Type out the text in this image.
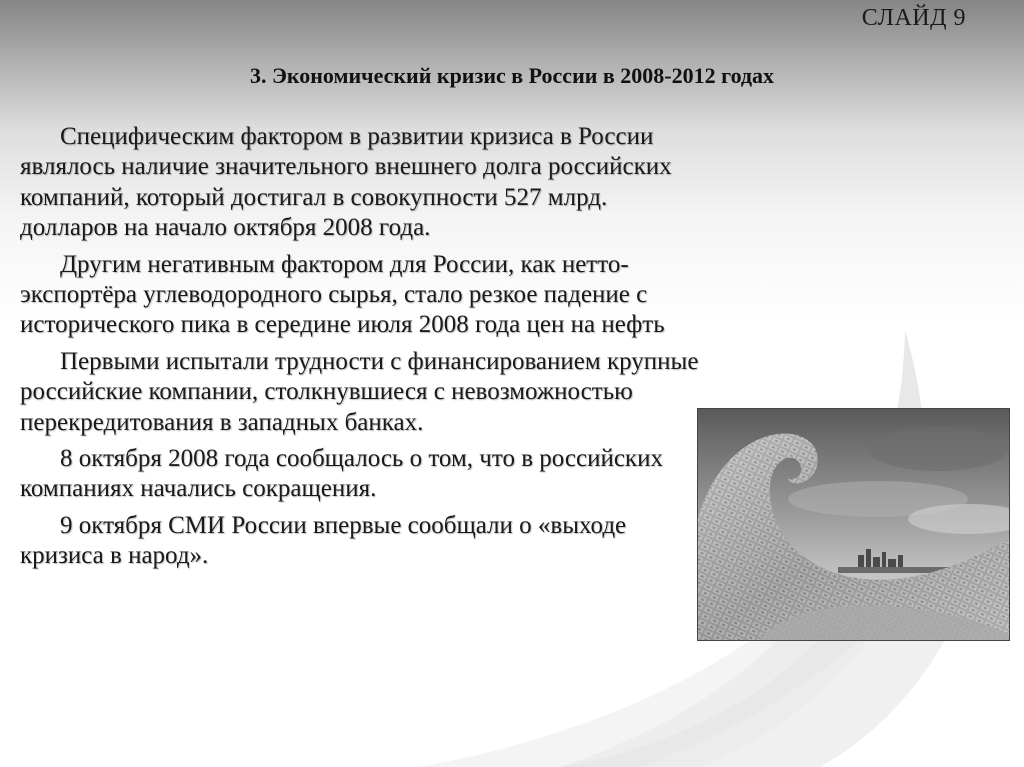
СЛАЙД 9
3. Экономический кризис в России в 2008-2012 годах

Специфическим фактором в развитии кризиса в России являлось наличие значительного внешнего долга российских компаний, который достигал в совокупности 527 млрд. долларов на начало октября 2008 года.

Другим негативным фактором для России, как нетто-экспортёра углеводородного сырья, стало резкое падение с исторического пика в середине июля 2008 года цен на нефть

Первыми испытали трудности с финансированием крупные российские компании, столкнувшиеся с невозможностью перекредитования в западных банках.

8 октября 2008 года сообщалось о том, что в российских компаниях начались сокращения.

9 октября СМИ России впервые сообщали о «выходе кризиса в народ».
